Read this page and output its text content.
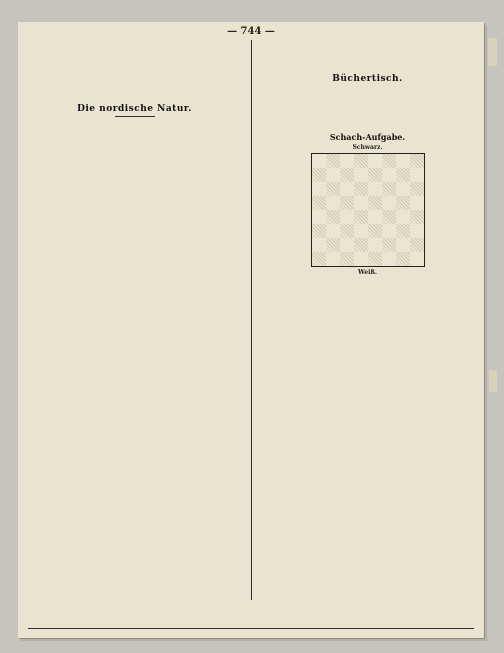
— 744 —

Die nordische Natur.

Büchertisch.

Schach-Aufgabe.
Schwarz.
Weiß.
